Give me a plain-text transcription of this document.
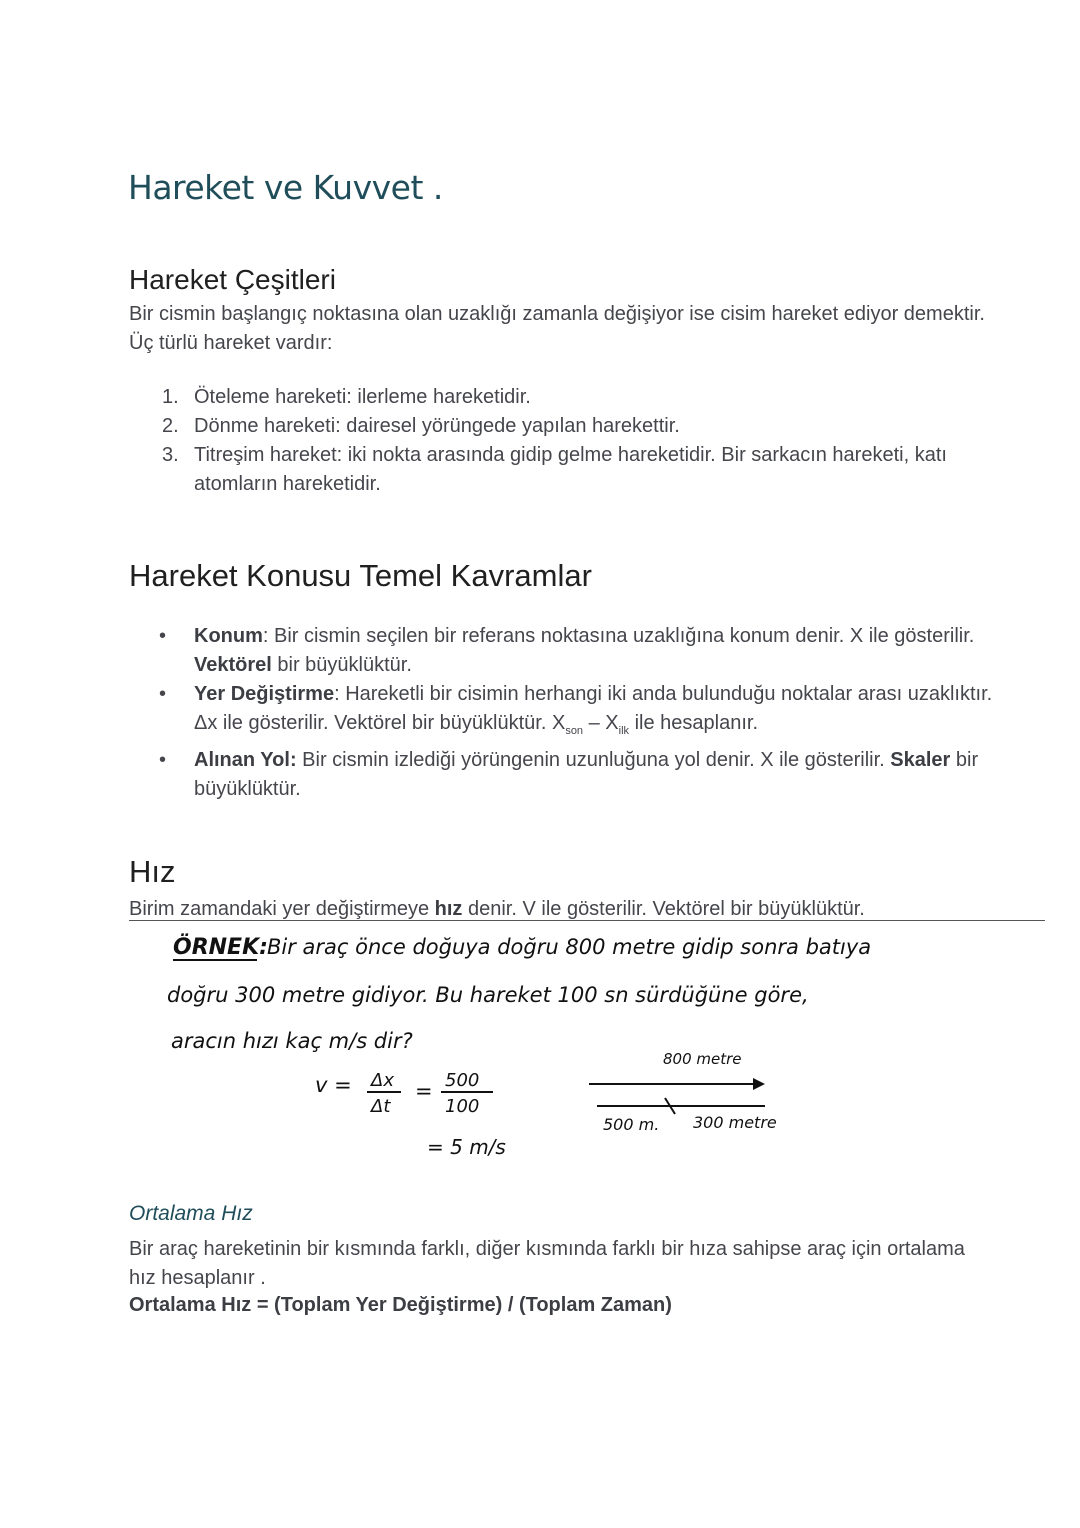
Hareket ve Kuvvet .
Hareket Çeşitleri
Bir cismin başlangıç noktasına olan uzaklığı zamanla değişiyor ise cisim hareket ediyor demektir. Üç türlü hareket vardır:
1. Öteleme hareketi: ilerleme hareketidir.
2. Dönme hareketi: dairesel yörüngede yapılan harekettir.
3. Titreşim hareket: iki nokta arasında gidip gelme hareketidir. Bir sarkacın hareketi, katı atomların hareketidir.
Hareket Konusu Temel Kavramlar
• Konum: Bir cismin seçilen bir referans noktasına uzaklığına konum denir. X ile gösterilir. Vektörel bir büyüklüktür.
• Yer Değiştirme: Hareketli bir cisimin herhangi iki anda bulunduğu noktalar arası uzaklıktır. Δx ile gösterilir. Vektörel bir büyüklüktür. $X_{son} - X_{ilk}$ ile hesaplanır.
• Alınan Yol: Bir cismin izlediği yörüngenin uzunluğuna yol denir. X ile gösterilir. Skaler bir büyüklüktür.
Hız
Birim zamandaki yer değiştirmeye hız denir. V ile gösterilir. Vektörel bir büyüklüktür.
ÖRNEK: Bir araç önce doğuya doğru 800 metre gidip sonra batıya
doğru 300 metre gidiyor. Bu hareket 100 sn sürdüğüne göre,
aracın hızı kaç m/s dir?
v = Δx
Δt
= 500
100
= 5 m/s
800 metre
500 m. 300 metre
Ortalama Hız
Bir araç hareketinin bir kısmında farklı, diğer kısmında farklı bir hıza sahipse araç için ortalama hız hesaplanır .
Ortalama Hız = (Toplam Yer Değiştirme) / (Toplam Zaman)
